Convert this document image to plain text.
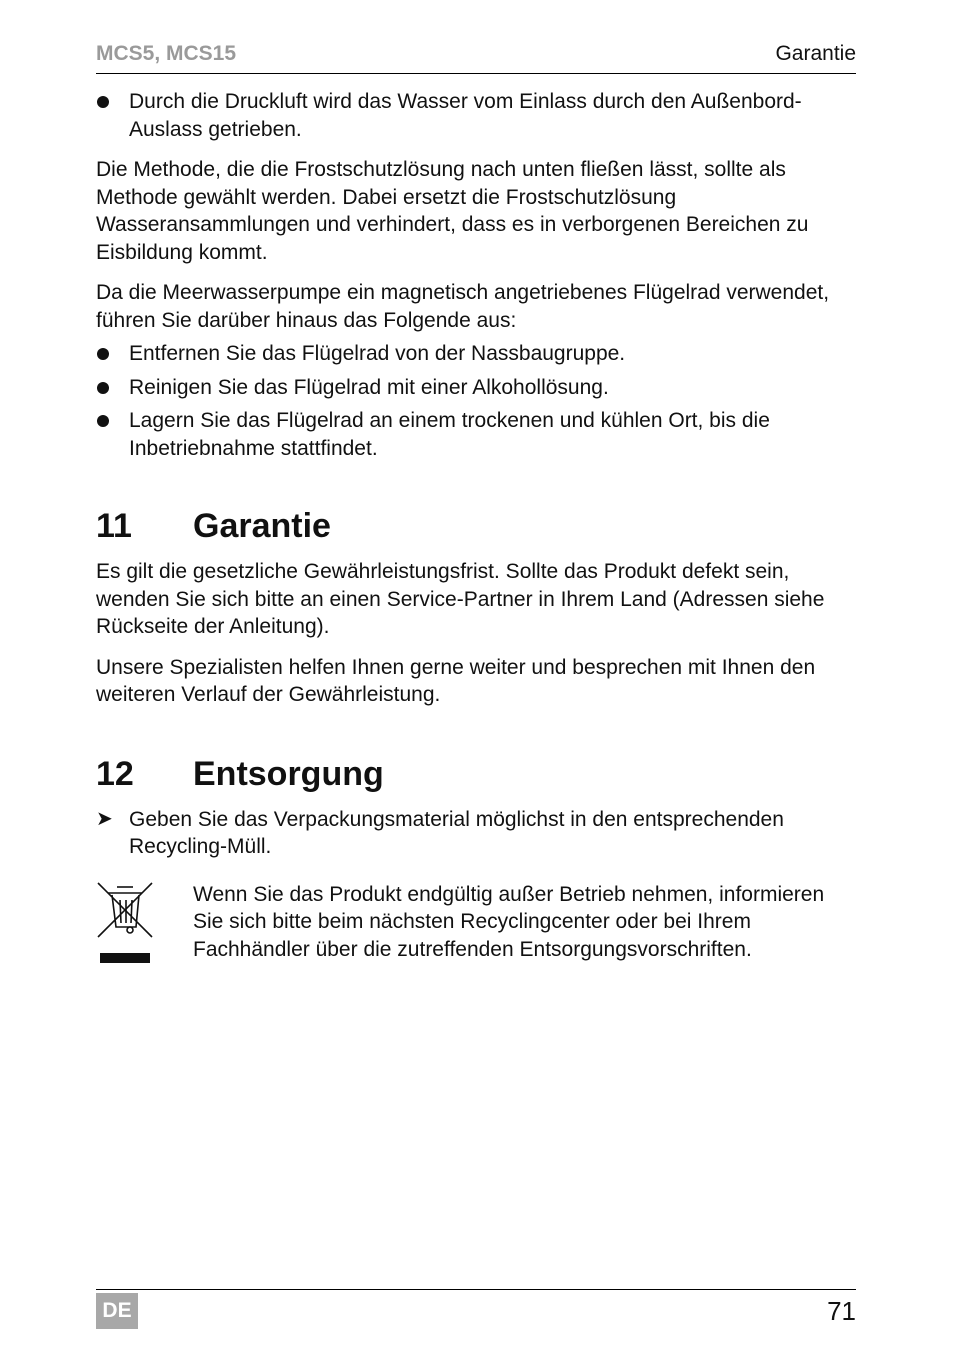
MCS5, MCS15	Garantie
Durch die Druckluft wird das Wasser vom Einlass durch den Außenbord-Auslass getrieben.

Die Methode, die die Frostschutzlösung nach unten fließen lässt, sollte als Methode gewählt werden. Dabei ersetzt die Frostschutzlösung Wasseransammlungen und verhindert, dass es in verborgenen Bereichen zu Eisbildung kommt.

Da die Meerwasserpumpe ein magnetisch angetriebenes Flügelrad verwendet, führen Sie darüber hinaus das Folgende aus:

Entfernen Sie das Flügelrad von der Nassbaugruppe.
Reinigen Sie das Flügelrad mit einer Alkohollösung.
Lagern Sie das Flügelrad an einem trockenen und kühlen Ort, bis die Inbetriebnahme stattfindet.
11	Garantie

Es gilt die gesetzliche Gewährleistungsfrist. Sollte das Produkt defekt sein, wenden Sie sich bitte an einen Service-Partner in Ihrem Land (Adressen siehe Rückseite der Anleitung).

Unsere Spezialisten helfen Ihnen gerne weiter und besprechen mit Ihnen den weiteren Verlauf der Gewährleistung.

12	Entsorgung
➤ Geben Sie das Verpackungsmaterial möglichst in den entsprechenden Recycling-Müll.
Wenn Sie das Produkt endgültig außer Betrieb nehmen, informieren Sie sich bitte beim nächsten Recyclingcenter oder bei Ihrem Fachhändler über die zutreffenden Entsorgungsvorschriften.
DE	71
